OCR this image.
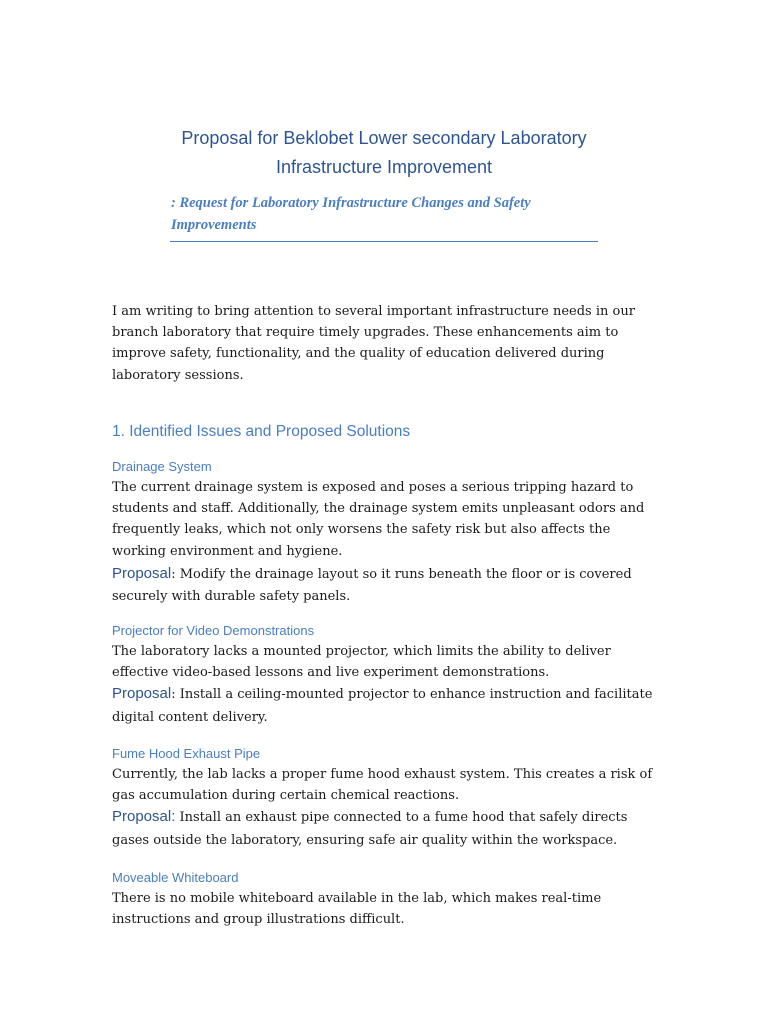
Proposal for Beklobet Lower secondary Laboratory
Infrastructure Improvement
: Request for Laboratory Infrastructure Changes and Safety Improvements

I am writing to bring attention to several important infrastructure needs in our branch laboratory that require timely upgrades. These enhancements aim to improve safety, functionality, and the quality of education delivered during laboratory sessions.

1. Identified Issues and Proposed Solutions

Drainage System

The current drainage system is exposed and poses a serious tripping hazard to students and staff. Additionally, the drainage system emits unpleasant odors and frequently leaks, which not only worsens the safety risk but also affects the working environment and hygiene.

Proposal: Modify the drainage layout so it runs beneath the floor or is covered securely with durable safety panels.

Projector for Video Demonstrations

The laboratory lacks a mounted projector, which limits the ability to deliver effective video-based lessons and live experiment demonstrations.

Proposal: Install a ceiling-mounted projector to enhance instruction and facilitate digital content delivery.

Fume Hood Exhaust Pipe

Currently, the lab lacks a proper fume hood exhaust system. This creates a risk of gas accumulation during certain chemical reactions.

Proposal: Install an exhaust pipe connected to a fume hood that safely directs gases outside the laboratory, ensuring safe air quality within the workspace.

Moveable Whiteboard

There is no mobile whiteboard available in the lab, which makes real-time instructions and group illustrations difficult.
